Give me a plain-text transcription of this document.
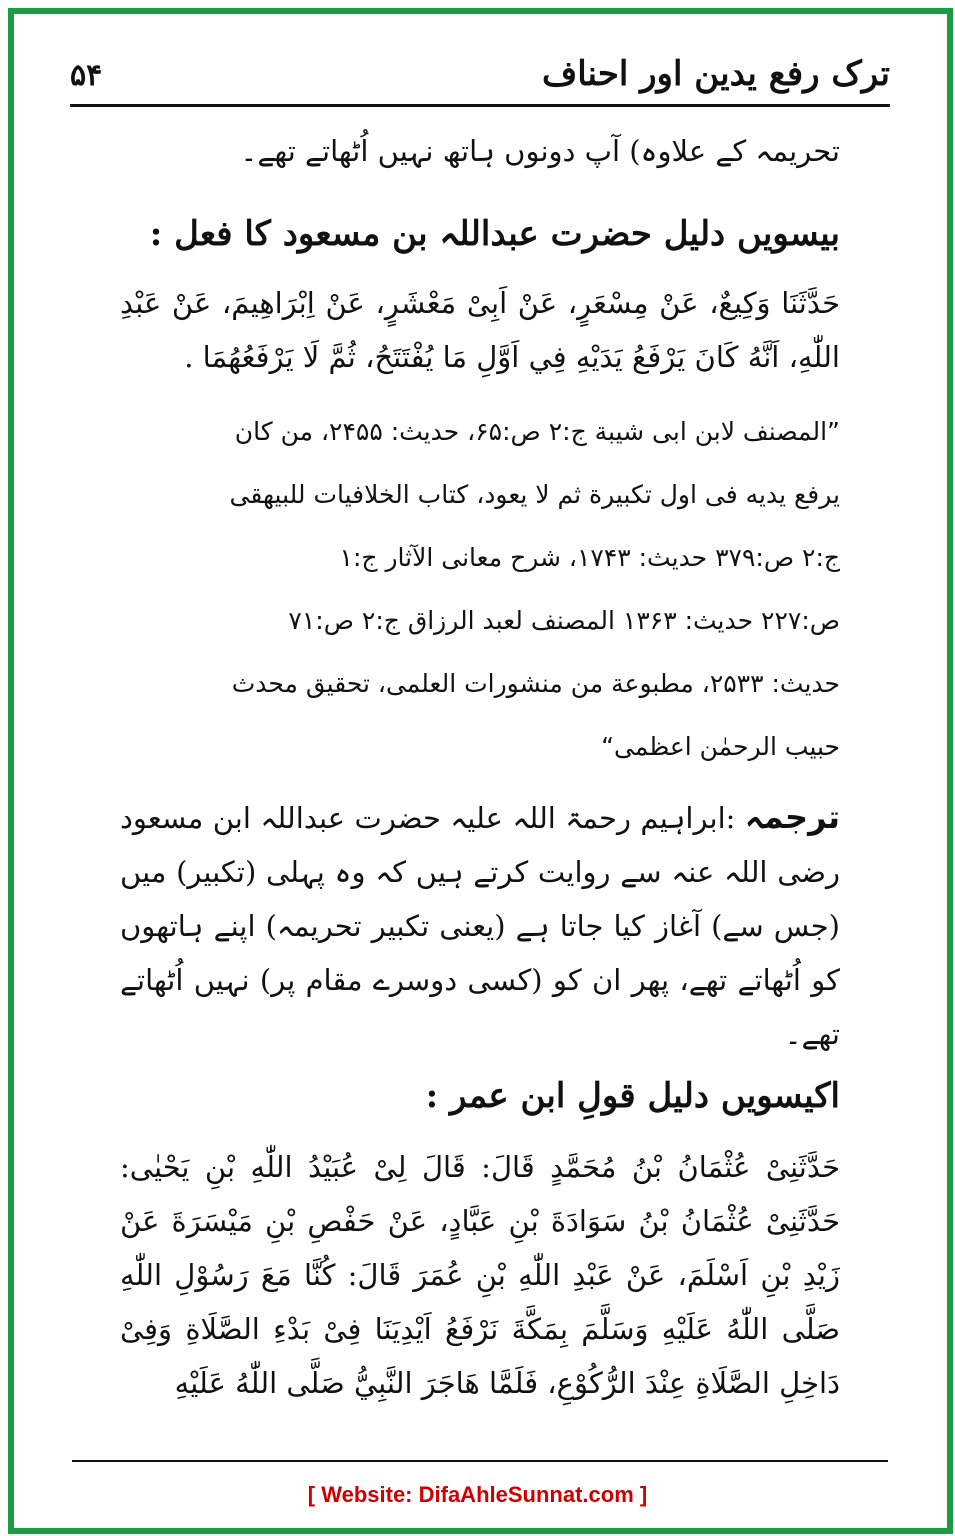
ترک رفع یدین اور احناف
۵۴
تحریمہ کے علاوہ) آپ دونوں ہاتھ نہیں اُٹھاتے تھے۔
بیسویں دلیل حضرت عبداللہ بن مسعود کا فعل :
حَدَّثَنَا وَكِيعٌ، عَنْ مِسْعَرٍ، عَنْ اَبِىْ مَعْشَرٍ، عَنْ اِبْرَاهِيمَ، عَنْ عَبْدِ اللّٰهِ، اَنَّهُ كَانَ يَرْفَعُ يَدَيْهِ فِي اَوَّلِ مَا يُفْتَتَحُ، ثُمَّ لَا يَرْفَعُهُمَا .
”المصنف لابن ابی شیبة ج:۲ ص:۶۵، حدیث: ۲۴۵۵، من کان
یرفع یدیه فی اول تکبیرة ثم لا یعود، کتاب الخلافیات للبیهقی
ج:۲ ص:۳۷۹ حدیث: ۱۷۴۳، شرح معانی الآثار ج:۱
ص:۲۲۷ حدیث: ۱۳۶۳ المصنف لعبد الرزاق ج:۲ ص:۷۱
حدیث: ۲۵۳۳، مطبوعة من منشورات العلمی، تحقیق محدث
حبیب الرحمٰن اعظمی“
ترجمہ :ابراہیم رحمۃ اللہ علیہ حضرت عبداللہ ابن مسعود رضی اللہ عنہ سے روایت کرتے ہیں کہ وہ پہلی (تکبیر) میں (جس سے) آغاز کیا جاتا ہے (یعنی تکبیر تحریمہ) اپنے ہاتھوں کو اُٹھاتے تھے، پھر ان کو (کسی دوسرے مقام پر) نہیں اُٹھاتے تھے۔
اکیسویں دلیل قولِ ابن عمر :
حَدَّثَنِىْ عُثْمَانُ بْنُ مُحَمَّدٍ قَالَ: قَالَ لِىْ عُبَيْدُ اللّٰهِ بْنِ يَحْيٰى: حَدَّثَنِىْ عُثْمَانُ بْنُ سَوَادَةَ بْنِ عَبَّادٍ، عَنْ حَفْصِ بْنِ مَيْسَرَةَ عَنْ زَيْدِ بْنِ اَسْلَمَ، عَنْ عَبْدِ اللّٰهِ بْنِ عُمَرَ قَالَ: كُنَّا مَعَ رَسُوْلِ اللّٰهِ صَلَّى اللّٰهُ عَلَيْهِ وَسَلَّمَ بِمَكَّةَ نَرْفَعُ اَيْدِيَنَا فِىْ بَدْءِ الصَّلَاةِ وَفِىْ دَاخِلِ الصَّلَاةِ عِنْدَ الرُّكُوْعِ، فَلَمَّا هَاجَرَ النَّبِيُّ صَلَّى اللّٰهُ عَلَيْهِ
[ Website: DifaAhleSunnat.com ]
